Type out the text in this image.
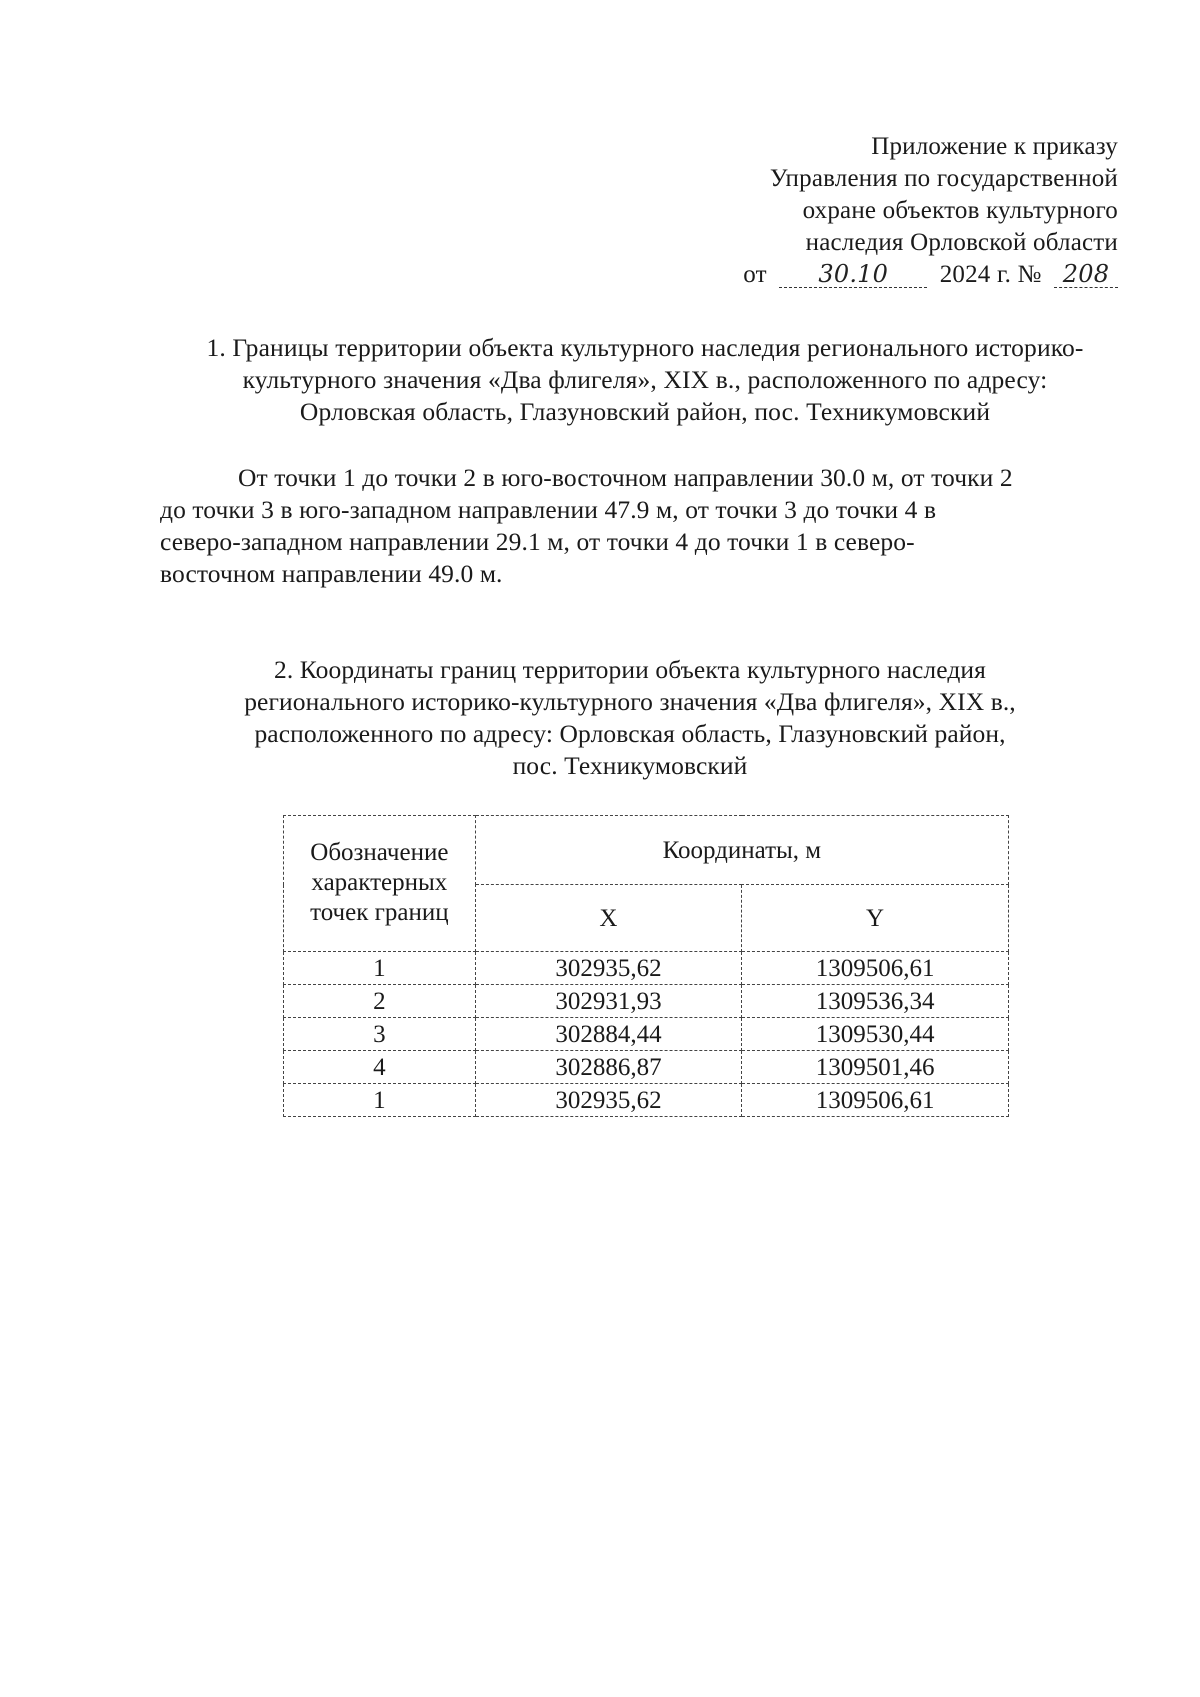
Приложение к приказу
Управления по государственной
охране объектов культурного
наследия Орловской области
от 30.10 2024 г. № 208
1. Границы территории объекта культурного наследия регионального историко-
культурного значения «Два флигеля», XIX в., расположенного по адресу:
Орловская область, Глазуновский район, пос. Техникумовский
От точки 1 до точки 2 в юго-восточном направлении 30.0 м, от точки 2
до точки 3 в юго-западном направлении 47.9 м, от точки 3 до точки 4 в
северо-западном направлении 29.1 м, от точки 4 до точки 1 в северо-
восточном направлении 49.0 м.
2. Координаты границ территории объекта культурного наследия
регионального историко-культурного значения «Два флигеля», XIX в.,
расположенного по адресу: Орловская область, Глазуновский район,
пос. Техникумовский
Обозначение характерных точек границ	Координаты, м	
	X	Y
1	302935,62	1309506,61
2	302931,93	1309536,34
3	302884,44	1309530,44
4	302886,87	1309501,46
1	302935,62	1309506,61
